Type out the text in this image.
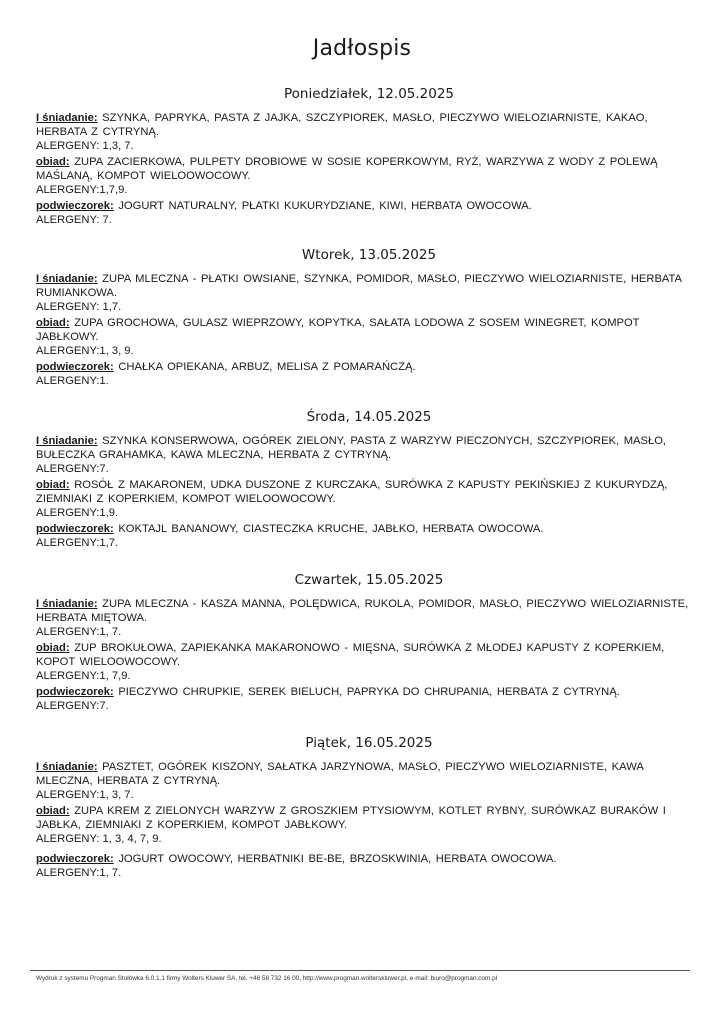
Jadłospis
Poniedziałek, 12.05.2025

I śniadanie: SZYNKA, PAPRYKA, PASTA Z JAJKA, SZCZYPIOREK, MASŁO, PIECZYWO WIELOZIARNISTE, KAKAO, HERBATA Z CYTRYNĄ.

ALERGENY: 1,3, 7.

obiad: ZUPA ZACIERKOWA, PULPETY DROBIOWE W SOSIE KOPERKOWYM, RYŻ, WARZYWA Z WODY Z POLEWĄ MAŚLANĄ, KOMPOT WIELOOWOCOWY.

ALERGENY:1,7,9.

podwieczorek: JOGURT NATURALNY, PŁATKI KUKURYDZIANE, KIWI, HERBATA OWOCOWA.

ALERGENY: 7.

Wtorek, 13.05.2025

I śniadanie: ZUPA MLECZNA - PŁATKI OWSIANE, SZYNKA, POMIDOR, MASŁO, PIECZYWO WIELOZIARNISTE, HERBATA RUMIANKOWA.

ALERGENY: 1,7.

obiad: ZUPA GROCHOWA, GULASZ WIEPRZOWY, KOPYTKA, SAŁATA LODOWA Z SOSEM WINEGRET, KOMPOT JABŁKOWY.

ALERGENY:1, 3, 9.

podwieczorek: CHAŁKA OPIEKANA, ARBUZ, MELISA Z POMARAŃCZĄ.

ALERGENY:1.

Środa, 14.05.2025

I śniadanie: SZYNKA KONSERWOWA, OGÓREK ZIELONY, PASTA Z WARZYW PIECZONYCH, SZCZYPIOREK, MASŁO, BUŁECZKA GRAHAMKA, KAWA MLECZNA, HERBATA Z CYTRYNĄ.

ALERGENY:7.

obiad: ROSÓŁ Z MAKARONEM, UDKA DUSZONE Z KURCZAKA, SURÓWKA Z KAPUSTY PEKIŃSKIEJ Z KUKURYDZĄ, ZIEMNIAKI Z KOPERKIEM, KOMPOT WIELOOWOCOWY.

ALERGENY:1,9.

podwieczorek: KOKTAJL BANANOWY, CIASTECZKA KRUCHE, JABŁKO, HERBATA OWOCOWA.

ALERGENY:1,7.

Czwartek, 15.05.2025

I śniadanie: ZUPA MLECZNA - KASZA MANNA, POLĘDWICA, RUKOLA, POMIDOR, MASŁO, PIECZYWO WIELOZIARNISTE, HERBATA MIĘTOWA.

ALERGENY:1, 7.

obiad: ZUP BROKUŁOWA, ZAPIEKANKA MAKARONOWO - MIĘSNA, SURÓWKA Z MŁODEJ KAPUSTY Z KOPERKIEM, KOPOT WIELOOWOCOWY.

ALERGENY:1, 7,9.

podwieczorek: PIECZYWO CHRUPKIE, SEREK BIELUCH, PAPRYKA DO CHRUPANIA, HERBATA Z CYTRYNĄ.

ALERGENY:7.

Piątek, 16.05.2025

I śniadanie: PASZTET, OGÓREK KISZONY, SAŁATKA JARZYNOWA, MASŁO, PIECZYWO WIELOZIARNISTE, KAWA MLECZNA, HERBATA Z CYTRYNĄ.

ALERGENY:1, 3, 7.

obiad: ZUPA KREM Z ZIELONYCH WARZYW Z GROSZKIEM PTYSIOWYM, KOTLET RYBNY, SURÓWKAZ BURAKÓW I JABŁKA, ZIEMNIAKI Z KOPERKIEM, KOMPOT JABŁKOWY.

ALERGENY: 1, 3, 4, 7, 9.

podwieczorek: JOGURT OWOCOWY, HERBATNIKI BE-BE, BRZOSKWINIA, HERBATA OWOCOWA.

ALERGENY:1, 7.

Wydruk z systemu Progman Stołówka 6.0.1.1 firmy Wolters Kluwer SA, tel. +48 58 732 16 00, http://www.progman.wolterskluwer.pl, e-mail: biuro@progman.com.pl
